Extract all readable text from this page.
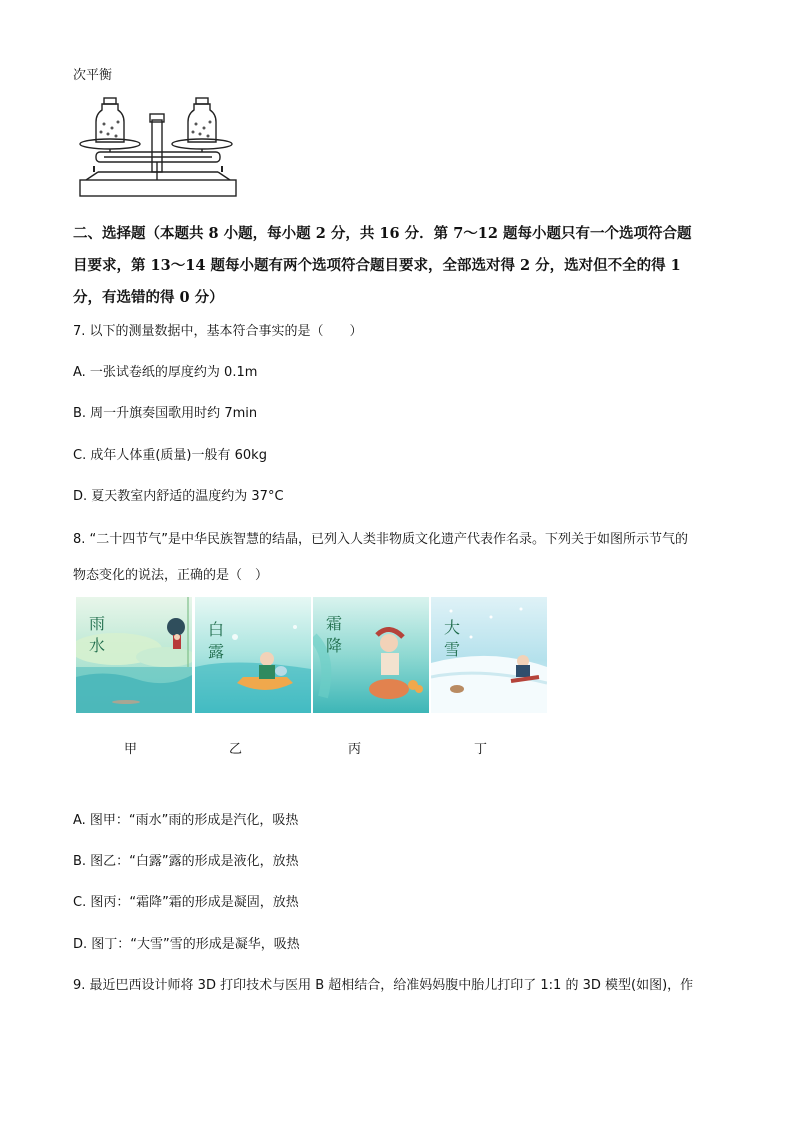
次平衡
二、选择题（本题共 8 小题，每小题 2 分，共 16 分．第 7～12 题每小题只有一个选项符合题
目要求，第 13～14 题每小题有两个选项符合题目要求，全部选对得 2 分，选对但不全的得 1
分，有选错的得 0 分）
7. 以下的测量数据中，基本符合事实的是（　　）
A. 一张试卷纸的厚度约为 0.1m
B. 周一升旗奏国歌用时约 7min
C. 成年人体重(质量)一般有 60kg
D. 夏天教室内舒适的温度约为 37°C
8. “二十四节气”是中华民族智慧的结晶，已列入人类非物质文化遗产代表作名录。下列关于如图所示节气的
物态变化的说法，正确的是（　）
雨
水
白
露
霜
降
大
雪
甲	乙	丙	丁
A. 图甲：“雨水”雨的形成是汽化，吸热
B. 图乙：“白露”露的形成是液化，放热
C. 图丙：“霜降”霜的形成是凝固，放热
D. 图丁：“大雪”雪的形成是凝华，吸热
9. 最近巴西设计师将 3D 打印技术与医用 B 超相结合，给准妈妈腹中胎儿打印了 1:1 的 3D 模型(如图)，作
